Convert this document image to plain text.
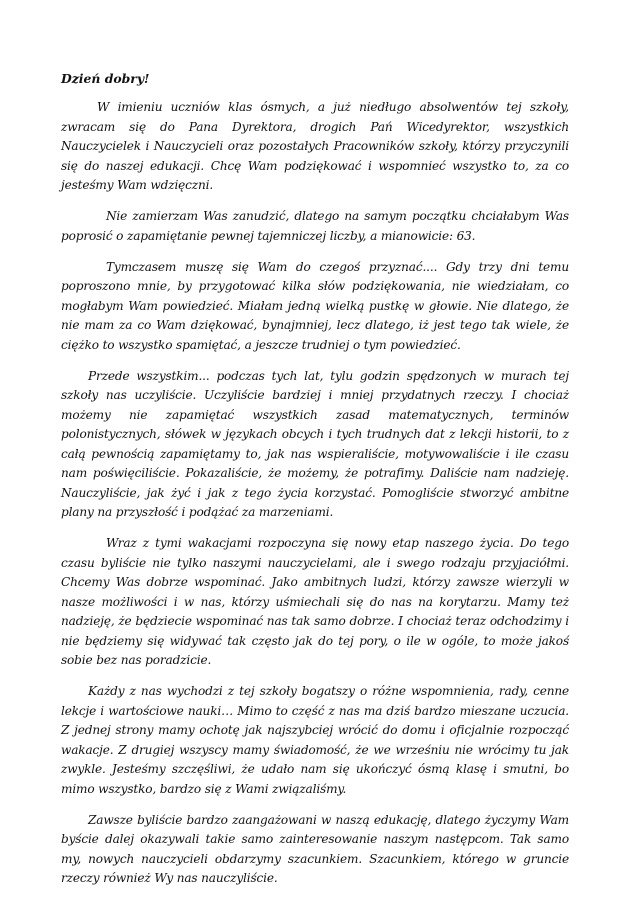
Dzień dobry!

W imieniu uczniów klas ósmych, a już niedługo absolwentów tej szkoły, zwracam się do Pana Dyrektora, drogich Pań Wicedyrektor, wszystkich Nauczycielek i Nauczycieli oraz pozostałych Pracowników szkoły, którzy przyczynili się do naszej edukacji. Chcę Wam podziękować i wspomnieć wszystko to, za co jesteśmy Wam wdzięczni.

Nie zamierzam Was zanudzić, dlatego na samym początku chciałabym Was poprosić o zapamiętanie pewnej tajemniczej liczby, a mianowicie: 63.

Tymczasem muszę się Wam do czegoś przyznać.... Gdy trzy dni temu poproszono mnie, by przygotować kilka słów podziękowania, nie wiedziałam, co mogłabym Wam powiedzieć. Miałam jedną wielką pustkę w głowie. Nie dlatego, że nie mam za co Wam dziękować, bynajmniej, lecz dlatego, iż jest tego tak wiele, że ciężko to wszystko spamiętać, a jeszcze trudniej o tym powiedzieć.

Przede wszystkim... podczas tych lat, tylu godzin spędzonych w murach tej szkoły nas uczyliście. Uczyliście bardziej i mniej przydatnych rzeczy. I chociaż możemy nie zapamiętać wszystkich zasad matematycznych, terminów polonistycznych, słówek w językach obcych i tych trudnych dat z lekcji historii, to z całą pewnością zapamiętamy to, jak nas wspieraliście, motywowaliście i ile czasu nam poświęciliście. Pokazaliście, że możemy, że potrafimy. Daliście nam nadzieję. Nauczyliście, jak żyć i jak z tego życia korzystać. Pomogliście stworzyć ambitne plany na przyszłość i podążać za marzeniami.

Wraz z tymi wakacjami rozpoczyna się nowy etap naszego życia. Do tego czasu byliście nie tylko naszymi nauczycielami, ale i swego rodzaju przyjaciółmi. Chcemy Was dobrze wspominać. Jako ambitnych ludzi, którzy zawsze wierzyli w nasze możliwości i w nas, którzy uśmiechali się do nas na korytarzu. Mamy też nadzieję, że będziecie wspominać nas tak samo dobrze. I chociaż teraz odchodzimy i nie będziemy się widywać tak często jak do tej pory, o ile w ogóle, to może jakoś sobie bez nas poradzicie.

Każdy z nas wychodzi z tej szkoły bogatszy o różne wspomnienia, rady, cenne lekcje i wartościowe nauki… Mimo to część z nas ma dziś bardzo mieszane uczucia. Z jednej strony mamy ochotę jak najszybciej wrócić do domu i oficjalnie rozpocząć wakacje. Z drugiej wszyscy mamy świadomość, że we wrześniu nie wrócimy tu jak zwykle. Jesteśmy szczęśliwi, że udało nam się ukończyć ósmą klasę i smutni, bo mimo wszystko, bardzo się z Wami związaliśmy.

Zawsze byliście bardzo zaangażowani w naszą edukację, dlatego życzymy Wam byście dalej okazywali takie samo zainteresowanie naszym następcom. Tak samo my, nowych nauczycieli obdarzymy szacunkiem. Szacunkiem, którego w gruncie rzeczy również Wy nas nauczyliście.
